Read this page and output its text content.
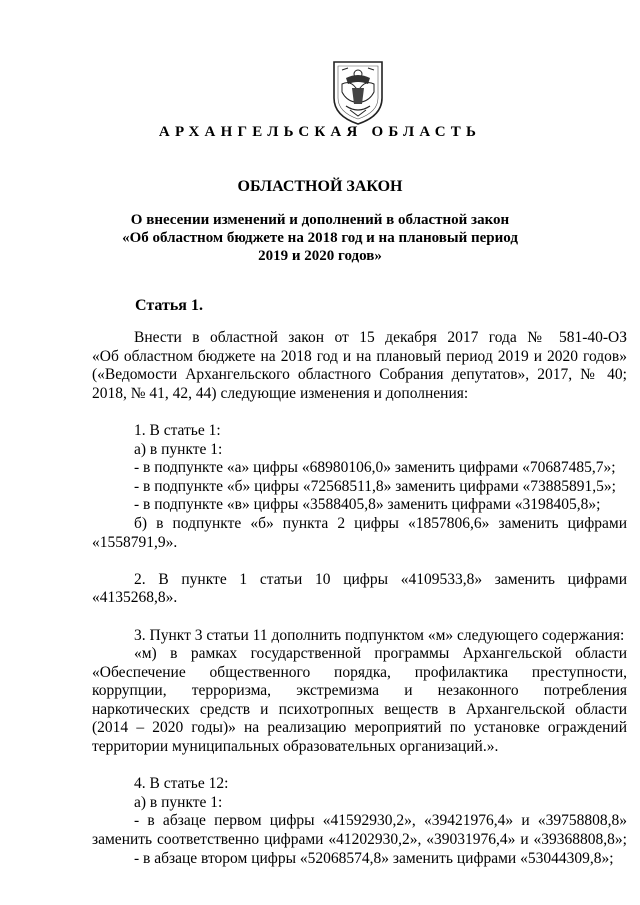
АРХАНГЕЛЬСКАЯ ОБЛАСТЬ
ОБЛАСТНОЙ ЗАКОН
О внесении изменений и дополнений в областной закон
«Об областном бюджете на 2018 год и на плановый период
2019 и 2020 годов»
Статья 1.

Внести в областной закон от 15 декабря 2017 года № 581-40-ОЗ

«Об областном бюджете на 2018 год и на плановый период 2019 и 2020 годов»

(«Ведомости Архангельского областного Собрания депутатов», 2017, № 40;

2018, № 41, 42, 44) следующие изменения и дополнения:

1. В статье 1:

а) в пункте 1:

- в подпункте «а» цифры «68980106,0» заменить цифрами «70687485,7»;

- в подпункте «б» цифры «72568511,8» заменить цифрами «73885891,5»;

- в подпункте «в» цифры «3588405,8» заменить цифрами «3198405,8»;

б) в подпункте «б» пункта 2 цифры «1857806,6» заменить цифрами

«1558791,9».

2. В пункте 1 статьи 10 цифры «4109533,8» заменить цифрами

«4135268,8».

3. Пункт 3 статьи 11 дополнить подпунктом «м» следующего содержания:

«м) в рамках государственной программы Архангельской области

«Обеспечение общественного порядка, профилактика преступности,

коррупции, терроризма, экстремизма и незаконного потребления

наркотических средств и психотропных веществ в Архангельской области

(2014 – 2020 годы)» на реализацию мероприятий по установке ограждений

территории муниципальных образовательных организаций.».

4. В статье 12:

а) в пункте 1:

- в абзаце первом цифры «41592930,2», «39421976,4» и «39758808,8»

заменить соответственно цифрами «41202930,2», «39031976,4» и «39368808,8»;

- в абзаце втором цифры «52068574,8» заменить цифрами «53044309,8»;
